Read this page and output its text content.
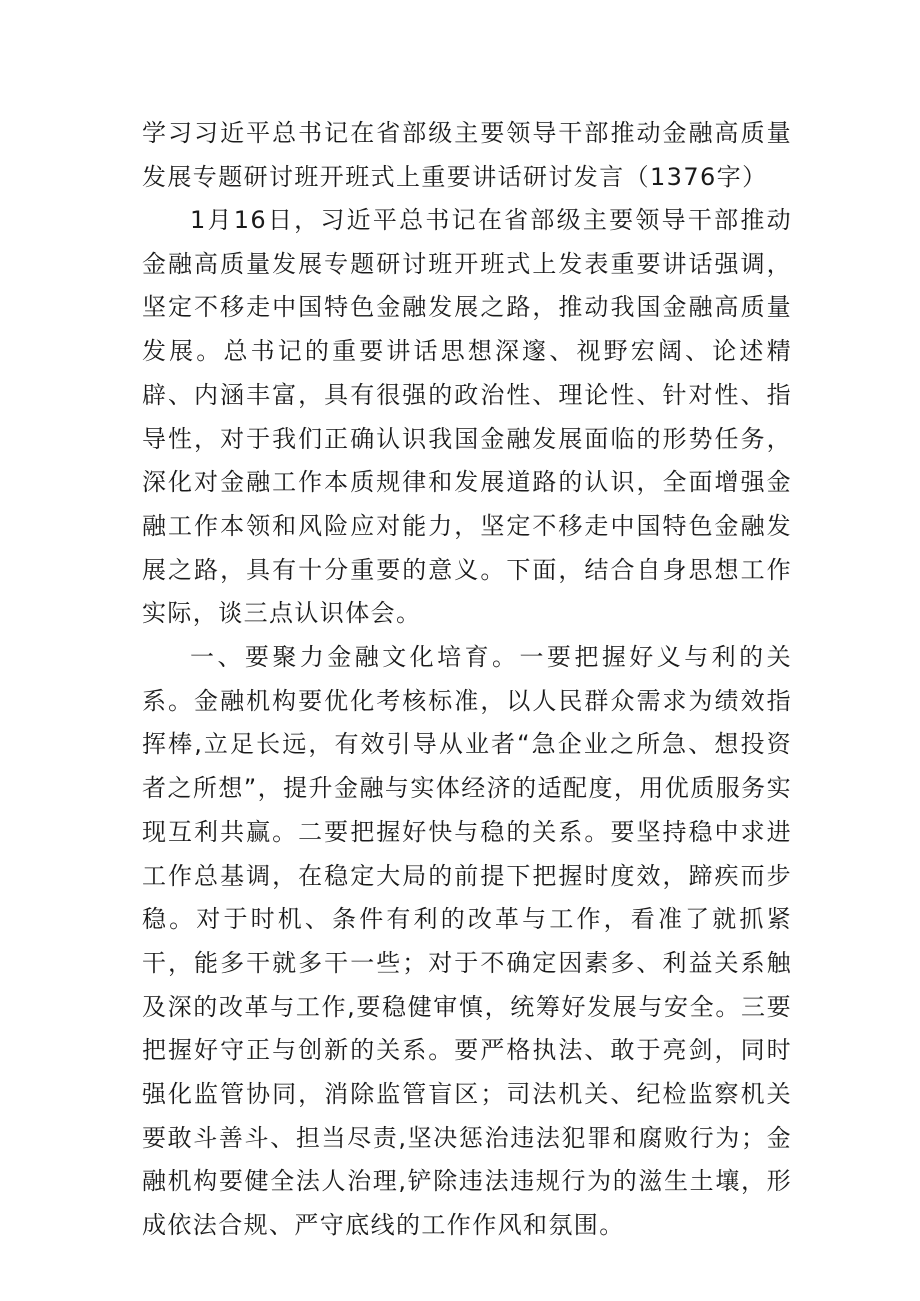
学习习近平总书记在省部级主要领导干部推动金融高质量发展专题研讨班开班式上重要讲话研讨发言（1376字）

1月16日，习近平总书记在省部级主要领导干部推动金融高质量发展专题研讨班开班式上发表重要讲话强调，坚定不移走中国特色金融发展之路，推动我国金融高质量发展。总书记的重要讲话思想深邃、视野宏阔、论述精辟、内涵丰富，具有很强的政治性、理论性、针对性、指导性，对于我们正确认识我国金融发展面临的形势任务，深化对金融工作本质规律和发展道路的认识，全面增强金融工作本领和风险应对能力，坚定不移走中国特色金融发展之路，具有十分重要的意义。下面，结合自身思想工作实际，谈三点认识体会。

一、要聚力金融文化培育。一要把握好义与利的关系。金融机构要优化考核标准，以人民群众需求为绩效指挥棒,立足长远，有效引导从业者“急企业之所急、想投资者之所想”，提升金融与实体经济的适配度，用优质服务实现互利共赢。二要把握好快与稳的关系。要坚持稳中求进工作总基调，在稳定大局的前提下把握时度效，蹄疾而步稳。对于时机、条件有利的改革与工作，看准了就抓紧干，能多干就多干一些；对于不确定因素多、利益关系触及深的改革与工作,要稳健审慎，统筹好发展与安全。三要把握好守正与创新的关系。要严格执法、敢于亮剑，同时强化监管协同，消除监管盲区；司法机关、纪检监察机关要敢斗善斗、担当尽责,坚决惩治违法犯罪和腐败行为；金融机构要健全法人治理,铲除违法违规行为的滋生土壤，形成依法合规、严守底线的工作作风和氛围。
